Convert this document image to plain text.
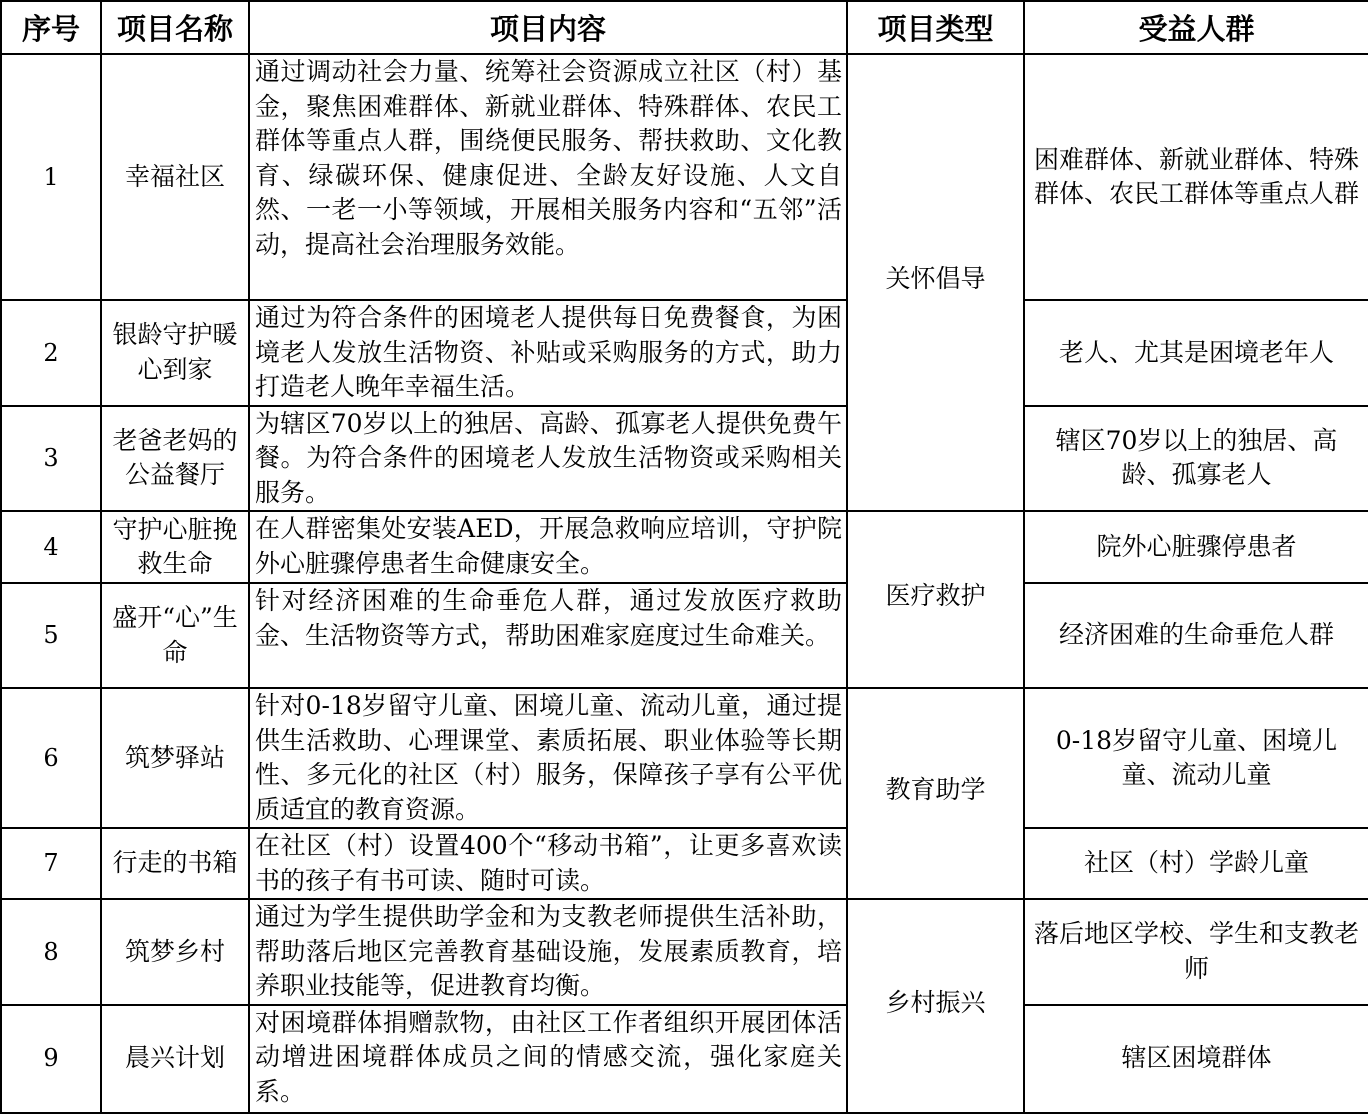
序号	项目名称	项目内容	项目类型	受益人群
1	幸福社区	通过调动社会力量、统筹社会资源成立社区（村）基金，聚焦困难群体、新就业群体、特殊群体、农民工群体等重点人群，围绕便民服务、帮扶救助、文化教育、绿碳环保、健康促进、全龄友好设施、人文自然、一老一小等领域，开展相关服务内容和“五邻”活动，提高社会治理服务效能。	关怀倡导	困难群体、新就业群体、特殊群体、农民工群体等重点人群
2	银龄守护暖心到家	通过为符合条件的困境老人提供每日免费餐食，为困境老人发放生活物资、补贴或采购服务的方式，助力打造老人晚年幸福生活。		老人、尤其是困境老年人
3	老爸老妈的公益餐厅	为辖区70岁以上的独居、高龄、孤寡老人提供免费午餐。为符合条件的困境老人发放生活物资或采购相关服务。		辖区70岁以上的独居、高龄、孤寡老人
4	守护心脏挽救生命	在人群密集处安装AED，开展急救响应培训，守护院外心脏骤停患者生命健康安全。	医疗救护	院外心脏骤停患者
5	盛开“心”生命	针对经济困难的生命垂危人群，通过发放医疗救助金、生活物资等方式，帮助困难家庭度过生命难关。		经济困难的生命垂危人群
6	筑梦驿站	针对0-18岁留守儿童、困境儿童、流动儿童，通过提供生活救助、心理课堂、素质拓展、职业体验等长期性、多元化的社区（村）服务，保障孩子享有公平优质适宜的教育资源。	教育助学	0-18岁留守儿童、困境儿童、流动儿童
7	行走的书箱	在社区（村）设置400个“移动书箱”，让更多喜欢读书的孩子有书可读、随时可读。		社区（村）学龄儿童
8	筑梦乡村	通过为学生提供助学金和为支教老师提供生活补助，帮助落后地区完善教育基础设施，发展素质教育，培养职业技能等，促进教育均衡。	乡村振兴	落后地区学校、学生和支教老师
9	晨兴计划	对困境群体捐赠款物，由社区工作者组织开展团体活动增进困境群体成员之间的情感交流，强化家庭关系。		辖区困境群体
